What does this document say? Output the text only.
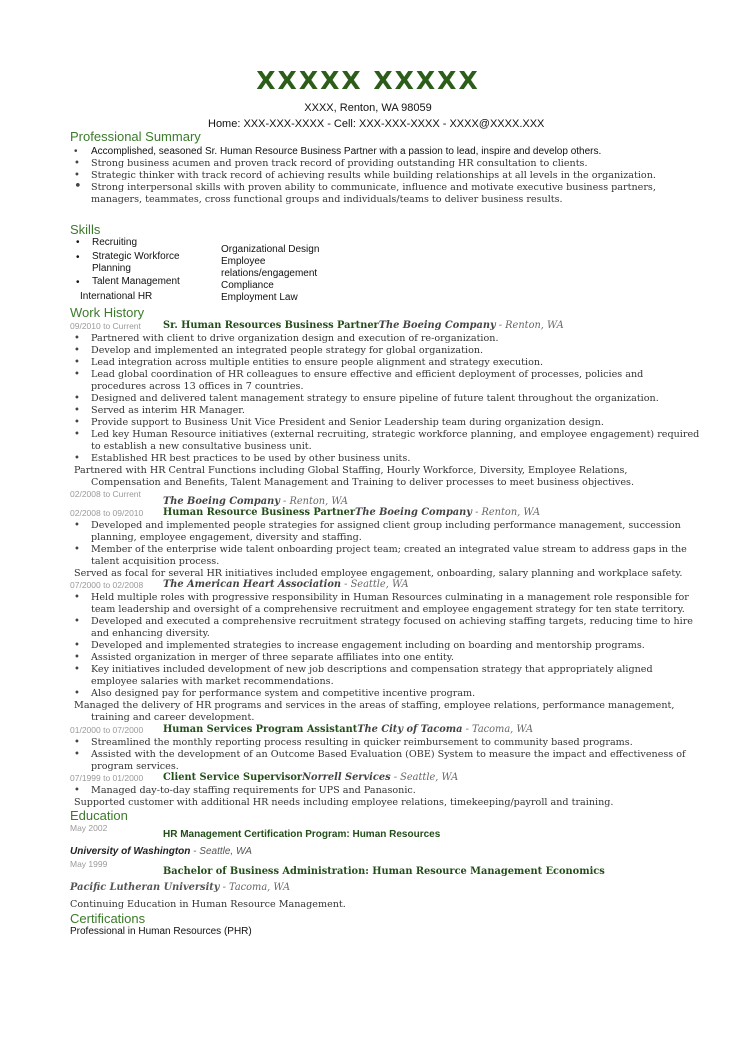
XXXXX XXXXX
XXXX, Renton, WA 98059
Home: XXX-XXX-XXXX - Cell: XXX-XXX-XXXX - XXXX@XXXX.XXX
Professional Summary
• Accomplished, seasoned Sr. Human Resource Business Partner with a passion to lead, inspire and develop others.
• Strong business acumen and proven track record of providing outstanding HR consultation to clients.
• Strategic thinker with track record of achieving results while building relationships at all levels in the organization.
• Strong interpersonal skills with proven ability to communicate, influence and motivate executive business partners,
managers, teammates, cross functional groups and individuals/teams to deliver business results.
Skills
• Recruiting
• Strategic Workforce
Planning
• Talent Management
International HR
Organizational Design
Employee
relations/engagement
Compliance
Employment Law
Work History
09/2010 to Current Sr. Human Resources Business PartnerThe Boeing Company - Renton, WA
• Partnered with client to drive organization design and execution of re-organization.
• Develop and implemented an integrated people strategy for global organization.
• Lead integration across multiple entities to ensure people alignment and strategy execution.
• Lead global coordination of HR colleagues to ensure effective and efficient deployment of processes, policies and
procedures across 13 offices in 7 countries.
• Designed and delivered talent management strategy to ensure pipeline of future talent throughout the organization.
• Served as interim HR Manager.
• Provide support to Business Unit Vice President and Senior Leadership team during organization design.
• Led key Human Resource initiatives (external recruiting, strategic workforce planning, and employee engagement) required
to establish a new consultative business unit.
• Established HR best practices to be used by other business units.
Partnered with HR Central Functions including Global Staffing, Hourly Workforce, Diversity, Employee Relations,
Compensation and Benefits, Talent Management and Training to deliver processes to meet business objectives.
02/2008 to Current
The Boeing Company - Renton, WA
02/2008 to 09/2010 Human Resource Business PartnerThe Boeing Company - Renton, WA
• Developed and implemented people strategies for assigned client group including performance management, succession
planning, employee engagement, diversity and staffing.
• Member of the enterprise wide talent onboarding project team; created an integrated value stream to address gaps in the
talent acquisition process.
Served as focal for several HR initiatives included employee engagement, onboarding, salary planning and workplace safety.
07/2000 to 02/2008 The American Heart Association - Seattle, WA
• Held multiple roles with progressive responsibility in Human Resources culminating in a management role responsible for
team leadership and oversight of a comprehensive recruitment and employee engagement strategy for ten state territory.
• Developed and executed a comprehensive recruitment strategy focused on achieving staffing targets, reducing time to hire
and enhancing diversity.
• Developed and implemented strategies to increase engagement including on boarding and mentorship programs.
• Assisted organization in merger of three separate affiliates into one entity.
• Key initiatives included development of new job descriptions and compensation strategy that appropriately aligned
employee salaries with market recommendations.
• Also designed pay for performance system and competitive incentive program.
Managed the delivery of HR programs and services in the areas of staffing, employee relations, performance management,
training and career development.
01/2000 to 07/2000 Human Services Program AssistantThe City of Tacoma - Tacoma, WA
• Streamlined the monthly reporting process resulting in quicker reimbursement to community based programs.
• Assisted with the development of an Outcome Based Evaluation (OBE) System to measure the impact and effectiveness of
program services.
07/1999 to 01/2000 Client Service SupervisorNorrell Services - Seattle, WA
• Managed day-to-day staffing requirements for UPS and Panasonic.
Supported customer with additional HR needs including employee relations, timekeeping/payroll and training.
Education
May 2002
HR Management Certification Program: Human Resources
University of Washington - Seattle, WA
May 1999
Bachelor of Business Administration: Human Resource Management Economics
Pacific Lutheran University - Tacoma, WA
Continuing Education in Human Resource Management.
Certifications
Professional in Human Resources (PHR)
